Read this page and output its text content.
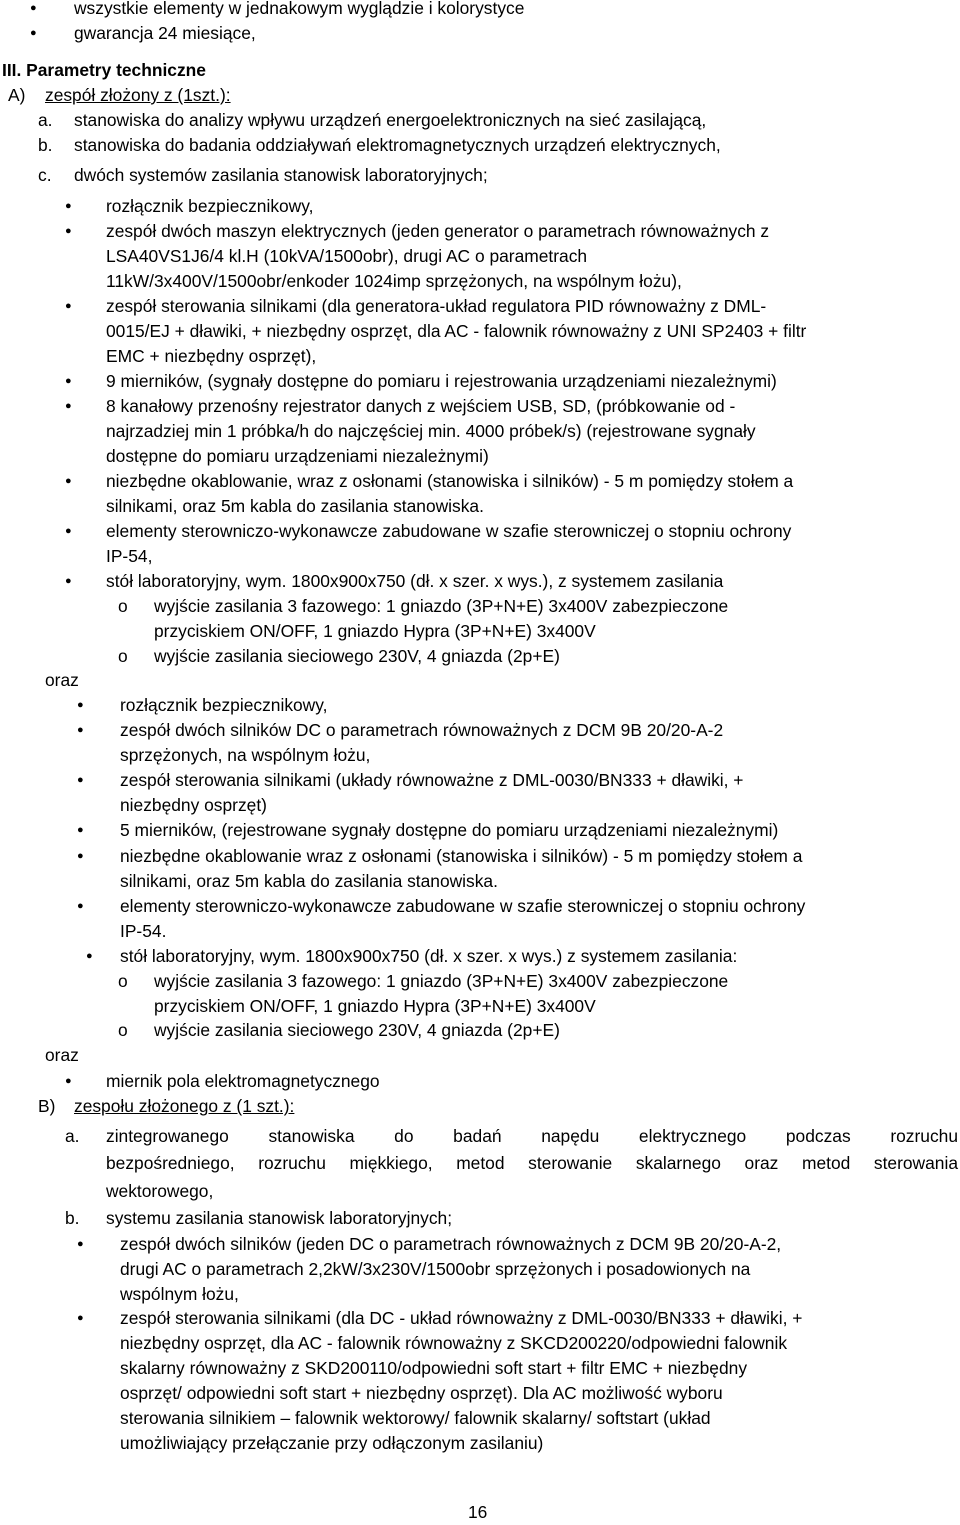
● wszystkie elementy w jednakowym wyglądzie i kolorystyce
● gwarancja 24 miesiące,
III. Parametry techniczne
A) zespół złożony z (1szt.):
a. stanowiska do analizy wpływu urządzeń energoelektronicznych na sieć zasilającą,
b. stanowiska do badania oddziaływań elektromagnetycznych urządzeń elektrycznych,
c. dwóch systemów zasilania stanowisk laboratoryjnych;
● rozłącznik bezpiecznikowy,
● zespół dwóch maszyn elektrycznych (jeden generator o parametrach równoważnych z
LSA40VS1J6/4 kl.H (10kVA/1500obr), drugi AC o parametrach
11kW/3x400V/1500obr/enkoder 1024imp sprzężonych, na wspólnym łożu),
● zespół sterowania silnikami (dla generatora-układ regulatora PID równoważny z DML-
0015/EJ + dławiki, + niezbędny osprzęt, dla AC - falownik równoważny z UNI SP2403 + filtr
EMC + niezbędny osprzęt),
● 9 mierników, (sygnały dostępne do pomiaru i rejestrowania urządzeniami niezależnymi)
● 8 kanałowy przenośny rejestrator danych z wejściem USB, SD, (próbkowanie od -
najrzadziej min 1 próbka/h do najczęściej min. 4000 próbek/s) (rejestrowane sygnały
dostępne do pomiaru urządzeniami niezależnymi)
● niezbędne okablowanie, wraz z osłonami (stanowiska i silników) - 5 m pomiędzy stołem a
silnikami, oraz 5m kabla do zasilania stanowiska.
● elementy sterowniczo-wykonawcze zabudowane w szafie sterowniczej o stopniu ochrony
IP-54,
● stół laboratoryjny, wym. 1800x900x750 (dł. x szer. x wys.), z systemem zasilania
o wyjście zasilania 3 fazowego: 1 gniazdo (3P+N+E) 3x400V zabezpieczone
przyciskiem ON/OFF, 1 gniazdo Hypra (3P+N+E) 3x400V
o wyjście zasilania sieciowego 230V, 4 gniazda (2p+E)
oraz
● rozłącznik bezpiecznikowy,
● zespół dwóch silników DC o parametrach równoważnych z DCM 9B 20/20-A-2
sprzężonych, na wspólnym łożu,
● zespół sterowania silnikami (układy równoważne z DML-0030/BN333 + dławiki, +
niezbędny osprzęt)
● 5 mierników, (rejestrowane sygnały dostępne do pomiaru urządzeniami niezależnymi)
● niezbędne okablowanie wraz z osłonami (stanowiska i silników) - 5 m pomiędzy stołem a
silnikami, oraz 5m kabla do zasilania stanowiska.
● elementy sterowniczo-wykonawcze zabudowane w szafie sterowniczej o stopniu ochrony
IP-54.
● stół laboratoryjny, wym. 1800x900x750 (dł. x szer. x wys.) z systemem zasilania:
o wyjście zasilania 3 fazowego: 1 gniazdo (3P+N+E) 3x400V zabezpieczone
przyciskiem ON/OFF, 1 gniazdo Hypra (3P+N+E) 3x400V
o wyjście zasilania sieciowego 230V, 4 gniazda (2p+E)
oraz
● miernik pola elektromagnetycznego
B) zespołu złożonego z (1 szt.):
a. zintegrowanego stanowiska do badań napędu elektrycznego podczas rozruchu
bezpośredniego, rozruchu miękkiego, metod sterowanie skalarnego oraz metod sterowania
wektorowego,
b. systemu zasilania stanowisk laboratoryjnych;
● zespół dwóch silników (jeden DC o parametrach równoważnych z DCM 9B 20/20-A-2,
drugi AC o parametrach 2,2kW/3x230V/1500obr sprzężonych i posadowionych na
wspólnym łożu,
● zespół sterowania silnikami (dla DC - układ równoważny z DML-0030/BN333 + dławiki, +
niezbędny osprzęt, dla AC - falownik równoważny z SKCD200220/odpowiedni falownik
skalarny równoważny z SKD200110/odpowiedni soft start + filtr EMC + niezbędny
osprzęt/ odpowiedni soft start + niezbędny osprzęt). Dla AC możliwość wyboru
sterowania silnikiem – falownik wektorowy/ falownik skalarny/ softstart (układ
umożliwiający przełączanie przy odłączonym zasilaniu)
16
